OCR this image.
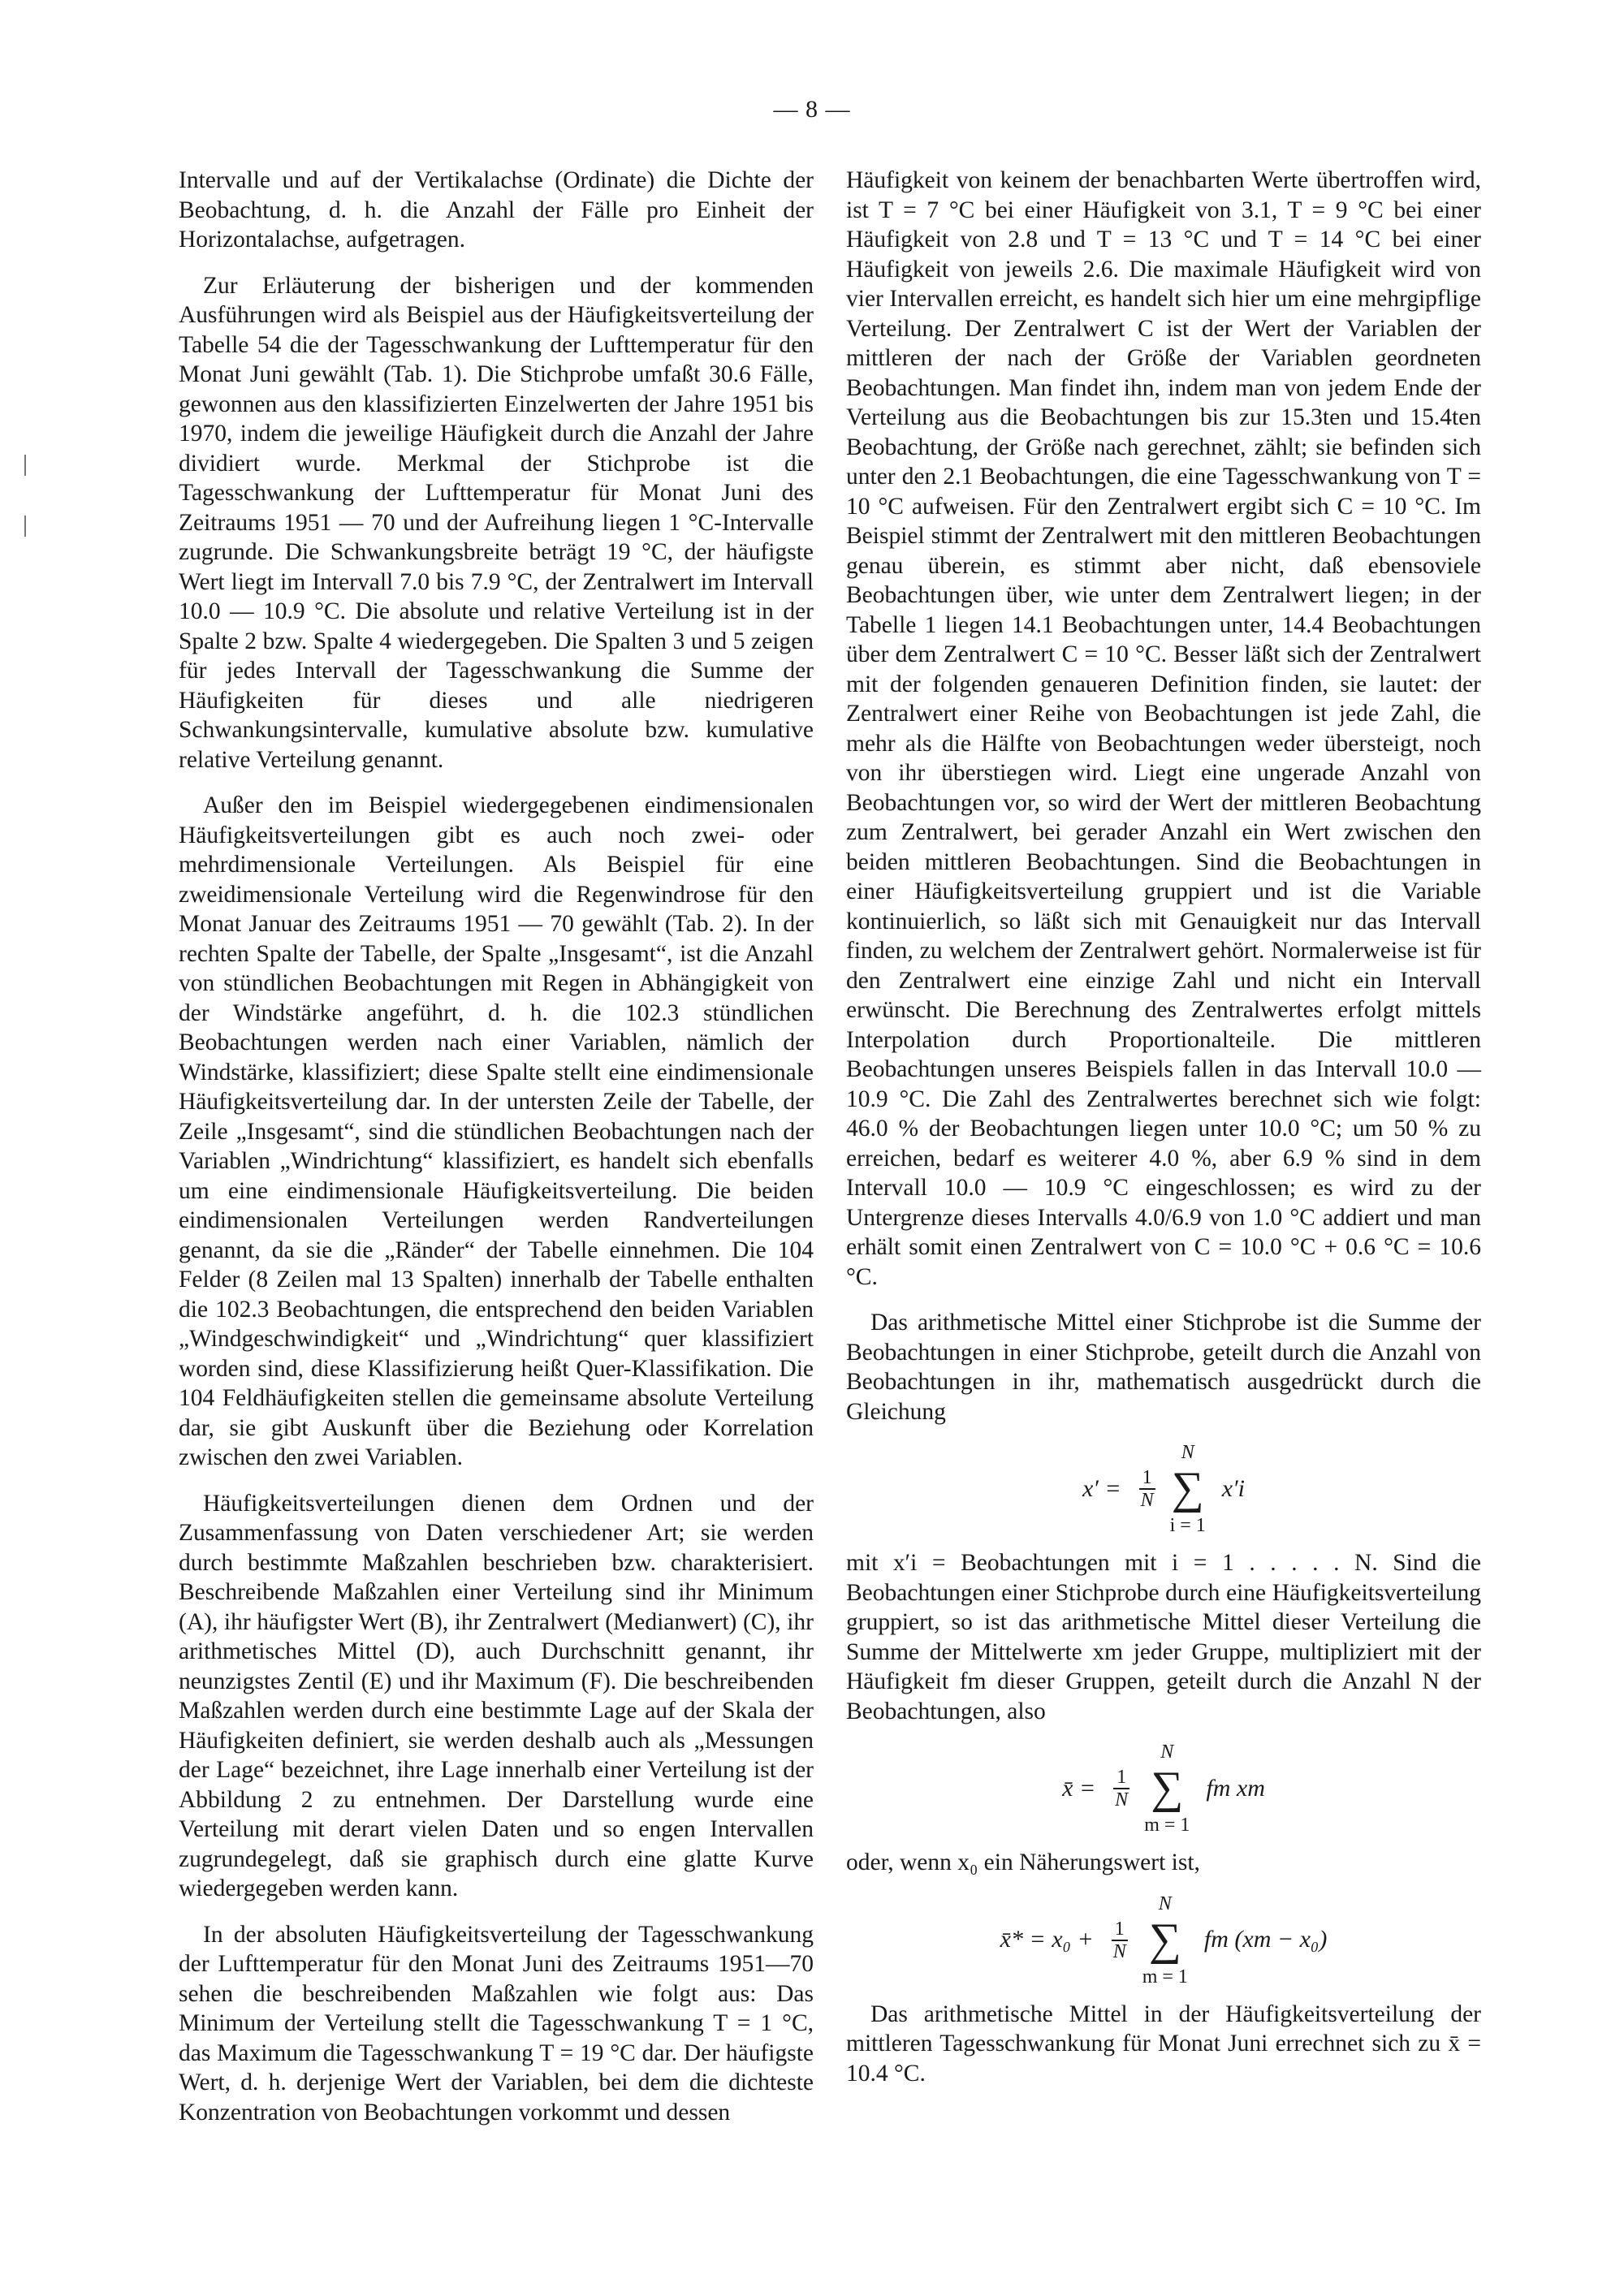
— 8 —

Intervalle und auf der Vertikalachse (Ordinate) die Dichte der Beobachtung, d. h. die Anzahl der Fälle pro Einheit der Horizontalachse, aufgetragen.

Zur Erläuterung der bisherigen und der kommenden Ausführungen wird als Beispiel aus der Häufigkeitsverteilung der Tabelle 54 die der Tagesschwankung der Lufttemperatur für den Monat Juni gewählt (Tab. 1). Die Stichprobe umfaßt 30.6 Fälle, gewonnen aus den klassifizierten Einzelwerten der Jahre 1951 bis 1970, indem die jeweilige Häufigkeit durch die Anzahl der Jahre dividiert wurde. Merkmal der Stichprobe ist die Tagesschwankung der Lufttemperatur für Monat Juni des Zeitraums 1951 — 70 und der Aufreihung liegen 1 °C-Intervalle zugrunde. Die Schwankungsbreite beträgt 19 °C, der häufigste Wert liegt im Intervall 7.0 bis 7.9 °C, der Zentralwert im Intervall 10.0 — 10.9 °C. Die absolute und relative Verteilung ist in der Spalte 2 bzw. Spalte 4 wiedergegeben. Die Spalten 3 und 5 zeigen für jedes Intervall der Tagesschwankung die Summe der Häufigkeiten für dieses und alle niedrigeren Schwankungsintervalle, kumulative absolute bzw. kumulative relative Verteilung genannt.

Außer den im Beispiel wiedergegebenen eindimensionalen Häufigkeitsverteilungen gibt es auch noch zwei- oder mehrdimensionale Verteilungen. Als Beispiel für eine zweidimensionale Verteilung wird die Regenwindrose für den Monat Januar des Zeitraums 1951 — 70 gewählt (Tab. 2). In der rechten Spalte der Tabelle, der Spalte „Insgesamt“, ist die Anzahl von stündlichen Beobachtungen mit Regen in Abhängigkeit von der Windstärke angeführt, d. h. die 102.3 stündlichen Beobachtungen werden nach einer Variablen, nämlich der Windstärke, klassifiziert; diese Spalte stellt eine eindimensionale Häufigkeitsverteilung dar. In der untersten Zeile der Tabelle, der Zeile „Insgesamt“, sind die stündlichen Beobachtungen nach der Variablen „Windrichtung“ klassifiziert, es handelt sich ebenfalls um eine eindimensionale Häufigkeitsverteilung. Die beiden eindimensionalen Verteilungen werden Randverteilungen genannt, da sie die „Ränder“ der Tabelle einnehmen. Die 104 Felder (8 Zeilen mal 13 Spalten) innerhalb der Tabelle enthalten die 102.3 Beobachtungen, die entsprechend den beiden Variablen „Windgeschwindigkeit“ und „Windrichtung“ quer klassifiziert worden sind, diese Klassifizierung heißt Quer-Klassifikation. Die 104 Feldhäufigkeiten stellen die gemeinsame absolute Verteilung dar, sie gibt Auskunft über die Beziehung oder Korrelation zwischen den zwei Variablen.

Häufigkeitsverteilungen dienen dem Ordnen und der Zusammenfassung von Daten verschiedener Art; sie werden durch bestimmte Maßzahlen beschrieben bzw. charakterisiert. Beschreibende Maßzahlen einer Verteilung sind ihr Minimum (A), ihr häufigster Wert (B), ihr Zentralwert (Medianwert) (C), ihr arithmetisches Mittel (D), auch Durchschnitt genannt, ihr neunzigstes Zentil (E) und ihr Maximum (F). Die beschreibenden Maßzahlen werden durch eine bestimmte Lage auf der Skala der Häufigkeiten definiert, sie werden deshalb auch als „Messungen der Lage“ bezeichnet, ihre Lage innerhalb einer Verteilung ist der Abbildung 2 zu entnehmen. Der Darstellung wurde eine Verteilung mit derart vielen Daten und so engen Intervallen zugrundegelegt, daß sie graphisch durch eine glatte Kurve wiedergegeben werden kann.

In der absoluten Häufigkeitsverteilung der Tagesschwankung der Lufttemperatur für den Monat Juni des Zeitraums 1951—70 sehen die beschreibenden Maßzahlen wie folgt aus: Das Minimum der Verteilung stellt die Tagesschwankung T = 1 °C, das Maximum die Tagesschwankung T = 19 °C dar. Der häufigste Wert, d. h. derjenige Wert der Variablen, bei dem die dichteste Konzentration von Beobachtungen vorkommt und dessen

Häufigkeit von keinem der benachbarten Werte übertroffen wird, ist T = 7 °C bei einer Häufigkeit von 3.1, T = 9 °C bei einer Häufigkeit von 2.8 und T = 13 °C und T = 14 °C bei einer Häufigkeit von jeweils 2.6. Die maximale Häufigkeit wird von vier Intervallen erreicht, es handelt sich hier um eine mehrgipflige Verteilung. Der Zentralwert C ist der Wert der Variablen der mittleren der nach der Größe der Variablen geordneten Beobachtungen. Man findet ihn, indem man von jedem Ende der Verteilung aus die Beobachtungen bis zur 15.3ten und 15.4ten Beobachtung, der Größe nach gerechnet, zählt; sie befinden sich unter den 2.1 Beobachtungen, die eine Tagesschwankung von T = 10 °C aufweisen. Für den Zentralwert ergibt sich C = 10 °C. Im Beispiel stimmt der Zentralwert mit den mittleren Beobachtungen genau überein, es stimmt aber nicht, daß ebensoviele Beobachtungen über, wie unter dem Zentralwert liegen; in der Tabelle 1 liegen 14.1 Beobachtungen unter, 14.4 Beobachtungen über dem Zentralwert C = 10 °C. Besser läßt sich der Zentralwert mit der folgenden genaueren Definition finden, sie lautet: der Zentralwert einer Reihe von Beobachtungen ist jede Zahl, die mehr als die Hälfte von Beobachtungen weder übersteigt, noch von ihr überstiegen wird. Liegt eine ungerade Anzahl von Beobachtungen vor, so wird der Wert der mittleren Beobachtung zum Zentralwert, bei gerader Anzahl ein Wert zwischen den beiden mittleren Beobachtungen. Sind die Beobachtungen in einer Häufigkeitsverteilung gruppiert und ist die Variable kontinuierlich, so läßt sich mit Genauigkeit nur das Intervall finden, zu welchem der Zentralwert gehört. Normalerweise ist für den Zentralwert eine einzige Zahl und nicht ein Intervall erwünscht. Die Berechnung des Zentralwertes erfolgt mittels Interpolation durch Proportionalteile. Die mittleren Beobachtungen unseres Beispiels fallen in das Intervall 10.0 — 10.9 °C. Die Zahl des Zentralwertes berechnet sich wie folgt: 46.0 % der Beobachtungen liegen unter 10.0 °C; um 50 % zu erreichen, bedarf es weiterer 4.0 %, aber 6.9 % sind in dem Intervall 10.0 — 10.9 °C eingeschlossen; es wird zu der Untergrenze dieses Intervalls 4.0/6.9 von 1.0 °C addiert und man erhält somit einen Zentralwert von C = 10.0 °C + 0.6 °C = 10.6 °C.

Das arithmetische Mittel einer Stichprobe ist die Summe der Beobachtungen in einer Stichprobe, geteilt durch die Anzahl von Beobachtungen in ihr, mathematisch ausgedrückt durch die Gleichung

$x' = \frac{1}{N}$
N
∑
i = 1
x′i

mit x′i = Beobachtungen mit i = 1 . . . . . N. Sind die Beobachtungen einer Stichprobe durch eine Häufigkeitsverteilung gruppiert, so ist das arithmetische Mittel dieser Verteilung die Summe der Mittelwerte xm jeder Gruppe, multipliziert mit der Häufigkeit fm dieser Gruppen, geteilt durch die Anzahl N der Beobachtungen, also

x̄ = $\frac{1}{N}$
N
∑
m = 1
fm xm

oder, wenn x₀ ein Näherungswert ist,

x̄* = $x_0 + \frac{1}{N}$
N
∑
m = 1
fm (xm − x₀)

Das arithmetische Mittel in der Häufigkeitsverteilung der mittleren Tagesschwankung für Monat Juni errechnet sich zu x̄ = 10.4 °C.
